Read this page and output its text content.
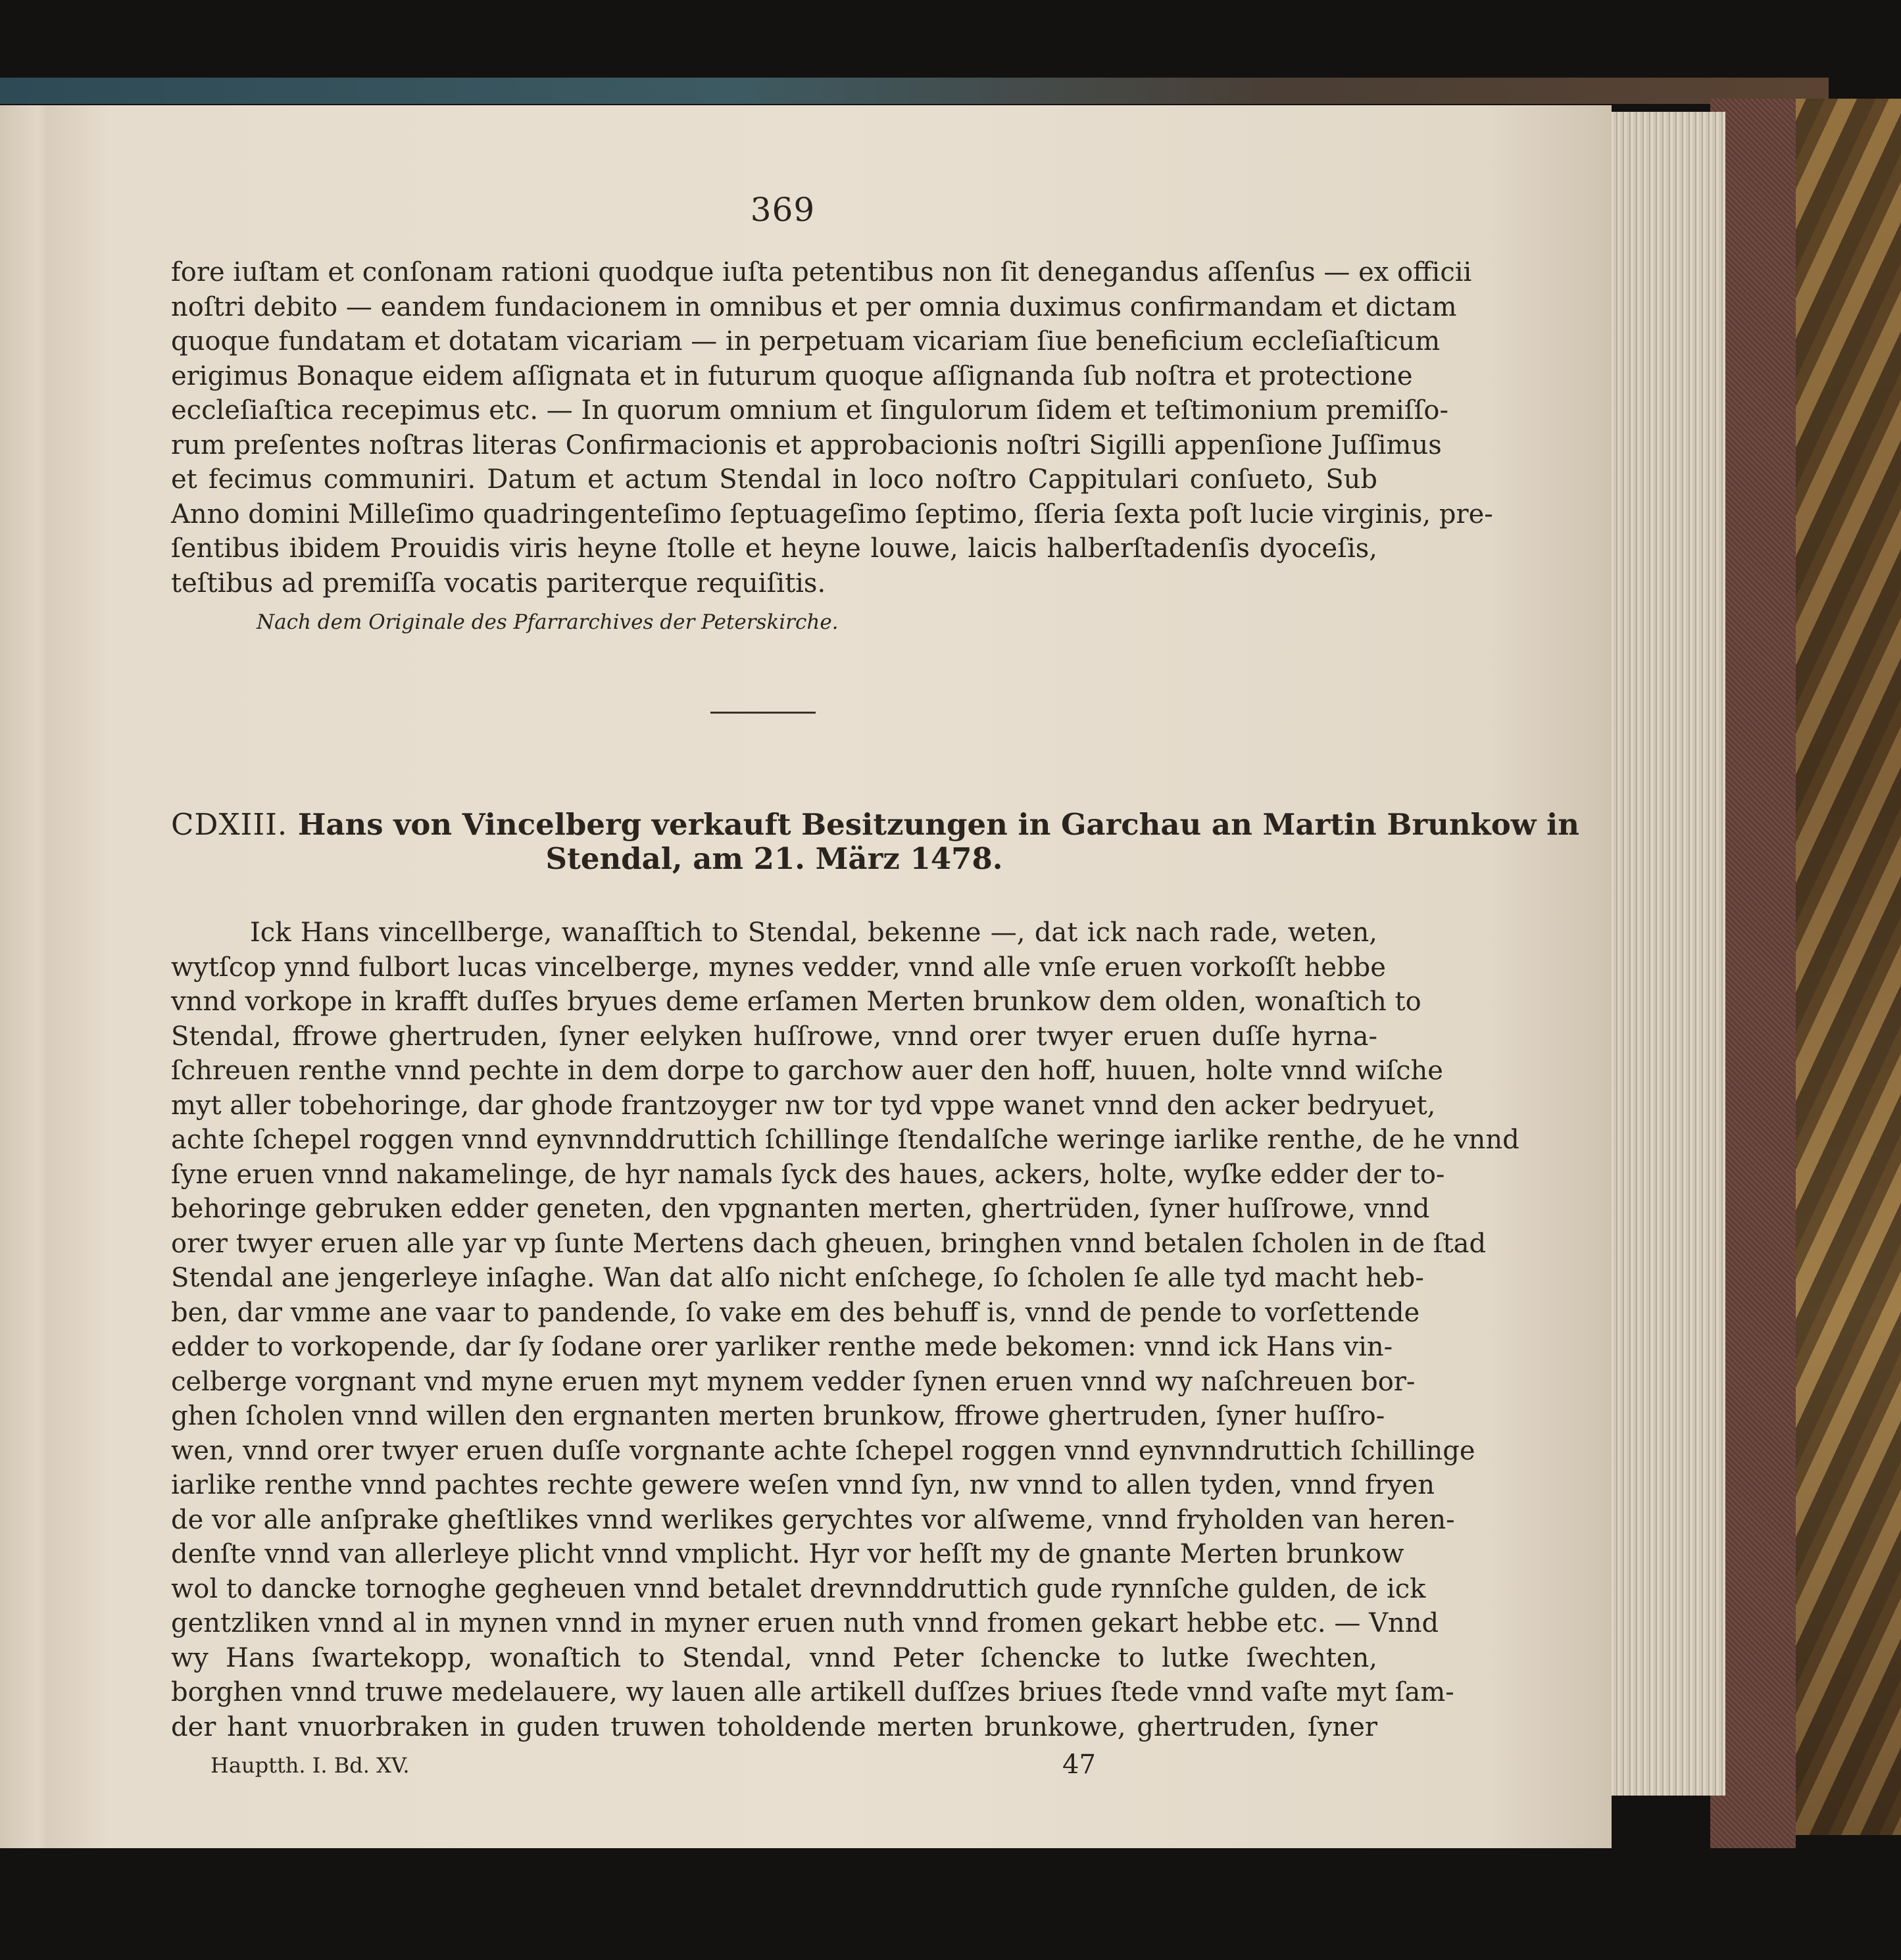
369
fore iuſtam et conſonam rationi quodque iuſta petentibus non ſit denegandus aſſenſus — ex officii
noſtri debito — eandem fundacionem in omnibus et per omnia duximus confirmandam et dictam
quoque fundatam et dotatam vicariam — in perpetuam vicariam ſiue beneficium eccleſiaſticum
erigimus Bonaque eidem aſſignata et in futurum quoque aſſignanda ſub noſtra et protectione
eccleſiaſtica recepimus etc. — In quorum omnium et ſingulorum ſidem et teſtimonium premiſſo-
rum preſentes noſtras literas Confirmacionis et approbacionis noſtri Sigilli appenſione Juſſimus
et fecimus communiri. Datum et actum Stendal in loco noſtro Cappitulari conſueto, Sub
Anno domini Milleſimo quadringenteſimo ſeptuageſimo ſeptimo, ſſeria ſexta poſt lucie virginis, pre-
ſentibus ibidem Prouidis viris heyne ſtolle et heyne louwe, laicis halberſtadenſis dyoceſis,
teſtibus ad premiſſa vocatis pariterque requiſitis.
Nach dem Originale des Pfarrarchives der Peterskirche.
CDXIII. Hans von Vincelberg verkauft Besitzungen in Garchau an Martin Brunkow in
Stendal, am 21. März 1478.
Ick Hans vincellberge, wanaſſtich to Stendal, bekenne —, dat ick nach rade, weten,
wytſcop ynnd fulbort lucas vincelberge, mynes vedder, vnnd alle vnſe eruen vorkoſſt hebbe
vnnd vorkope in krafft duſſes bryues deme erſamen Merten brunkow dem olden, wonaſtich to
Stendal, ffrowe ghertruden, ſyner eelyken huſſrowe, vnnd orer twyer eruen duſſe hyrna-
ſchreuen renthe vnnd pechte in dem dorpe to garchow auer den hoff, huuen, holte vnnd wiſche
myt aller tobehoringe, dar ghode frantzoyger nw tor tyd vppe wanet vnnd den acker bedryuet,
achte ſchepel roggen vnnd eynvnnddruttich ſchillinge ſtendalſche weringe iarlike renthe, de he vnnd
ſyne eruen vnnd nakamelinge, de hyr namals ſyck des haues, ackers, holte, wyſke edder der to-
behoringe gebruken edder geneten, den vpgnanten merten, ghertrüden, ſyner huſſrowe, vnnd
orer twyer eruen alle yar vp ſunte Mertens dach gheuen, bringhen vnnd betalen ſcholen in de ſtad
Stendal ane jengerleye inſaghe. Wan dat alſo nicht enſchege, ſo ſcholen ſe alle tyd macht heb-
ben, dar vmme ane vaar to pandende, ſo vake em des behuff is, vnnd de pende to vorſettende
edder to vorkopende, dar ſy ſodane orer yarliker renthe mede bekomen: vnnd ick Hans vin-
celberge vorgnant vnd myne eruen myt mynem vedder ſynen eruen vnnd wy naſchreuen bor-
ghen ſcholen vnnd willen den ergnanten merten brunkow, ffrowe ghertruden, ſyner huſſro-
wen, vnnd orer twyer eruen duſſe vorgnante achte ſchepel roggen vnnd eynvnndruttich ſchillinge
iarlike renthe vnnd pachtes rechte gewere weſen vnnd ſyn, nw vnnd to allen tyden, vnnd fryen
de vor alle anſprake gheſtlikes vnnd werlikes gerychtes vor alſweme, vnnd fryholden van heren-
denſte vnnd van allerleye plicht vnnd vmplicht. Hyr vor heſſt my de gnante Merten brunkow
wol to dancke tornoghe gegheuen vnnd betalet drevnnddruttich gude rynnſche gulden, de ick
gentzliken vnnd al in mynen vnnd in myner eruen nuth vnnd fromen gekart hebbe etc. — Vnnd
wy Hans ſwartekopp, wonaſtich to Stendal, vnnd Peter ſchencke to lutke ſwechten,
borghen vnnd truwe medelauere, wy lauen alle artikell duſſzes briues ſtede vnnd vaſte myt ſam-
der hant vnuorbraken in guden truwen toholdende merten brunkowe, ghertruden, ſyner
Hauptth. I. Bd. XV.	47
